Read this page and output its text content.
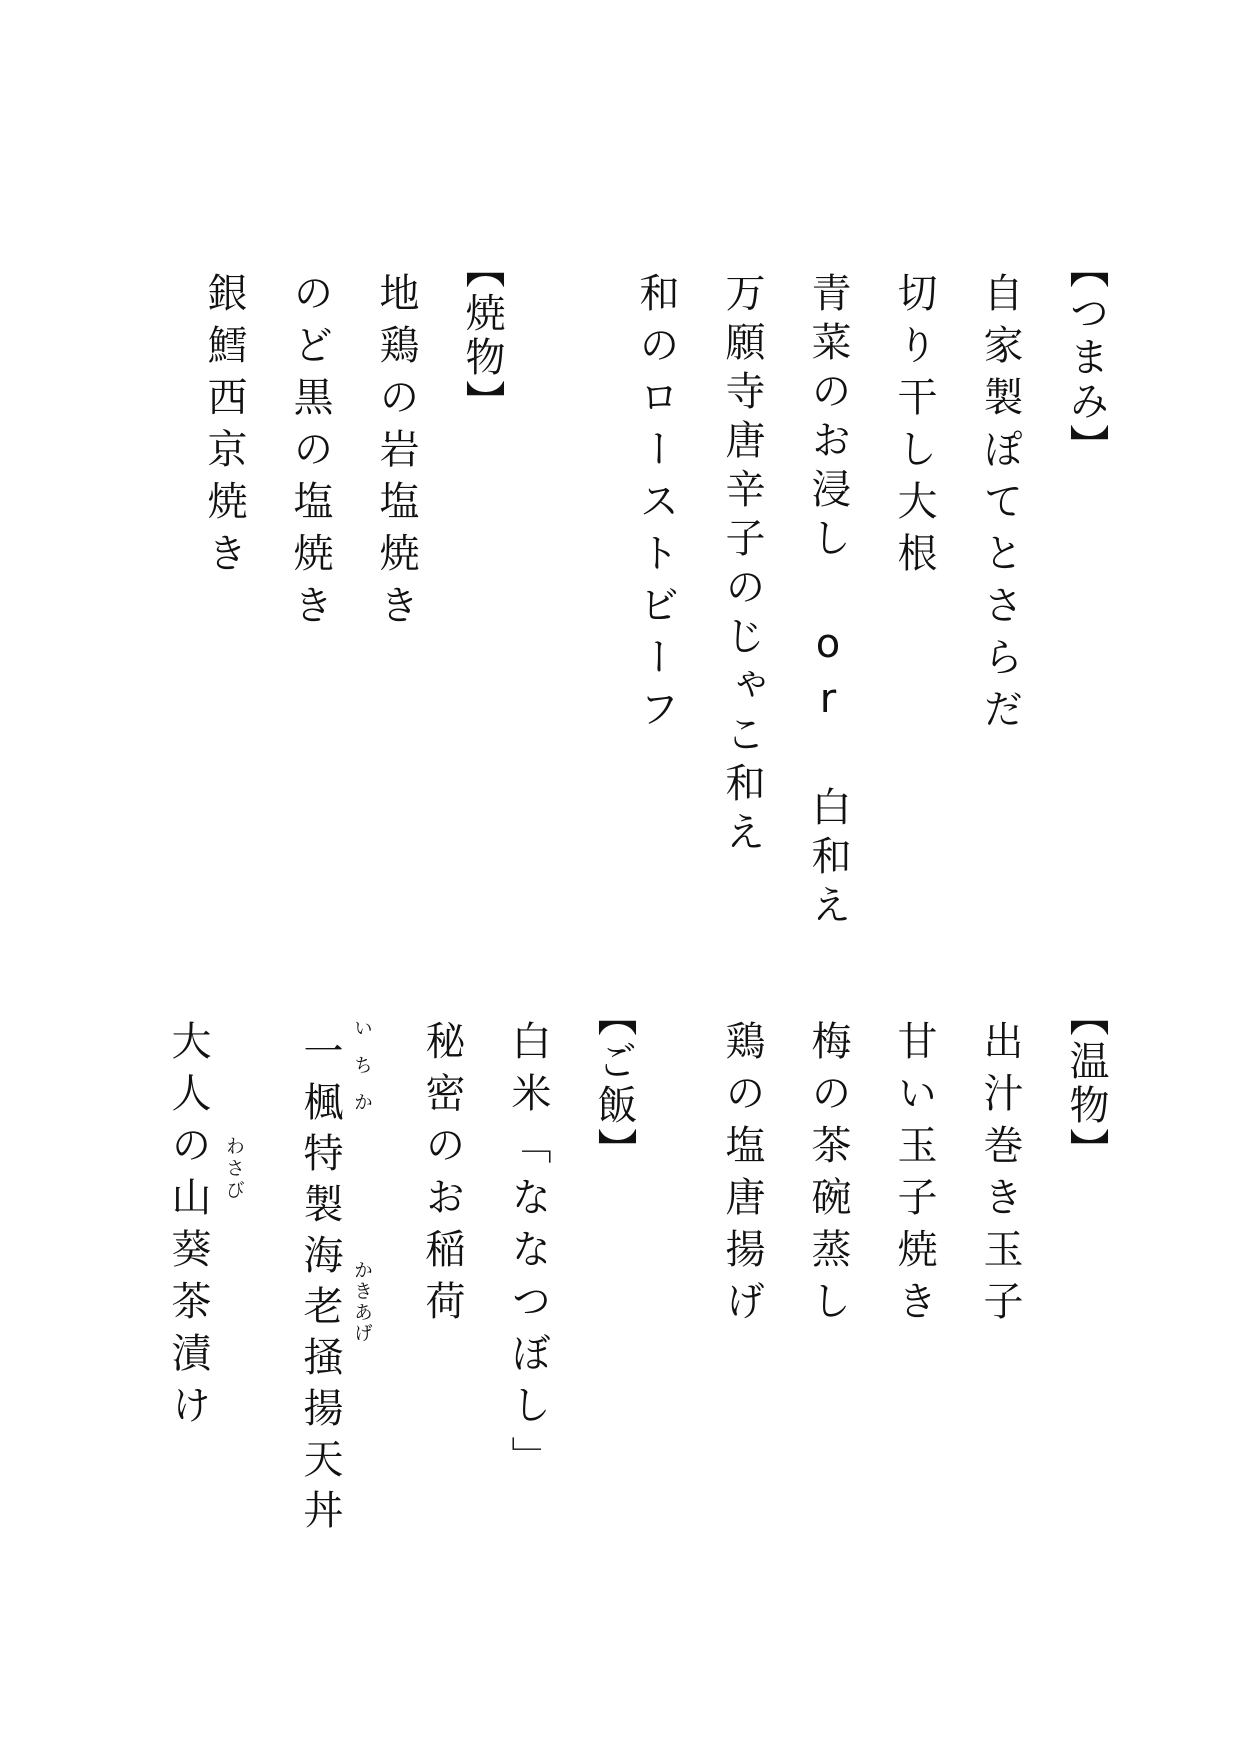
【つまみ】
自家製ぽてとさらだ
切り干し大根
青菜のお浸し or 白和え
万願寺唐辛子のじゃこ和え
和のローストビーフ
【焼物】
地鶏の岩塩焼き
のど黒の塩焼き
銀鱈西京焼き
【温物】
出汁巻き玉子
甘い玉子焼き
梅の茶碗蒸し
鶏の塩唐揚げ
【ご飯】
白米「ななつぼし」
秘密のお稲荷
一楓特製海老掻揚天丼
大人の山葵茶漬け	いちか
かきあげ
わさび
